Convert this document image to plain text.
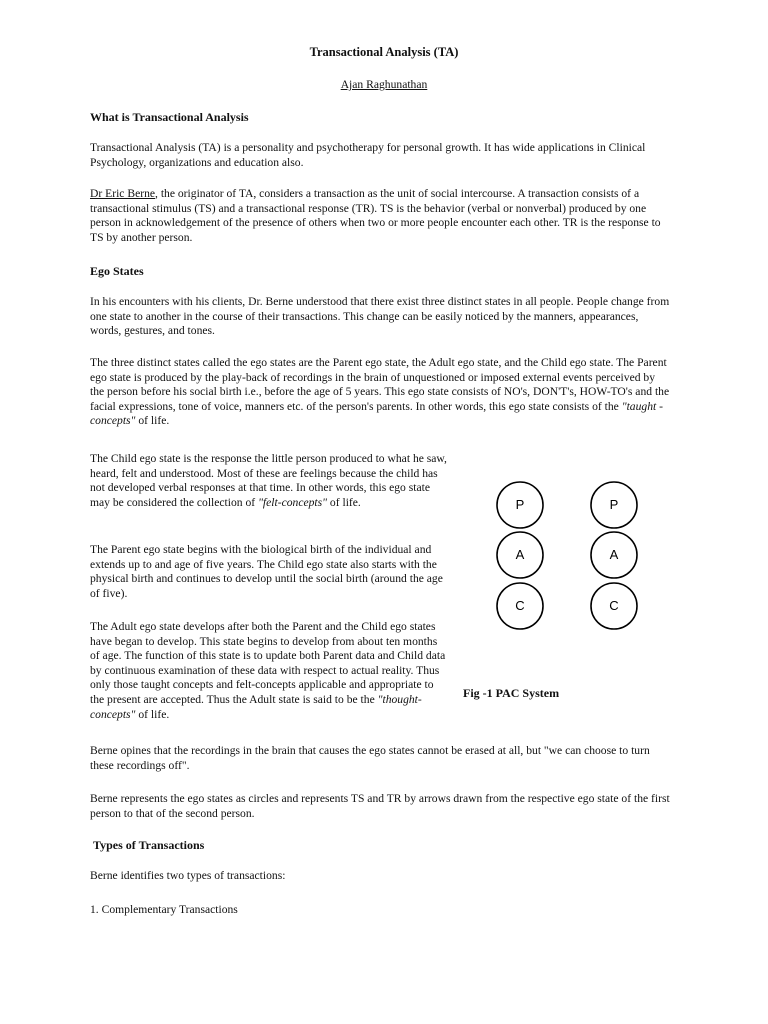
Transactional Analysis (TA)
Ajan Raghunathan
What is Transactional Analysis
Transactional Analysis (TA) is a personality and psychotherapy for personal growth. It has wide applications in Clinical Psychology, organizations and education also.
Dr Eric Berne, the originator of TA, considers a transaction as the unit of social intercourse. A transaction consists of a transactional stimulus (TS) and a transactional response (TR). TS is the behavior (verbal or nonverbal) produced by one person in acknowledgement of the presence of others when two or more people encounter each other. TR is the response to TS by another person.
Ego States
In his encounters with his clients, Dr. Berne understood that there exist three distinct states in all people. People change from one state to another in the course of their transactions. This change can be easily noticed by the manners, appearances, words, gestures, and tones.
The three distinct states called the ego states are the Parent ego state, the Adult ego state, and the Child ego state. The Parent ego state is produced by the play-back of recordings in the brain of unquestioned or imposed external events perceived by the person before his social birth i.e., before the age of 5 years. This ego state consists of NO's, DON'T's, HOW-TO's and the facial expressions, tone of voice, manners etc. of the person's parents. In other words, this ego state consists of the "taught - concepts" of life.
The Child ego state is the response the little person produced to what he saw, heard, felt and understood. Most of these are feelings because the child has not developed verbal responses at that time. In other words, this ego state may be considered the collection of "felt-concepts" of life.
The Parent ego state begins with the biological birth of the individual and extends up to and age of five years. The Child ego state also starts with the physical birth and continues to develop until the social birth (around the age of five).
The Adult ego state develops after both the Parent and the Child ego states have began to develop. This state begins to develop from about ten months of age. The function of this state is to update both Parent data and Child data by continuous examination of these data with respect to actual reality. Thus only those taught concepts and felt-concepts applicable and appropriate to the present are accepted. Thus the Adult state is said to be the "thought-concepts" of life.
P
A
C
P
A
C
Fig -1 PAC System
Berne opines that the recordings in the brain that causes the ego states cannot be erased at all, but "we can choose to turn these recordings off".
Berne represents the ego states as circles and represents TS and TR by arrows drawn from the respective ego state of the first person to that of the second person.
Types of Transactions
Berne identifies two types of transactions:
1. Complementary Transactions
